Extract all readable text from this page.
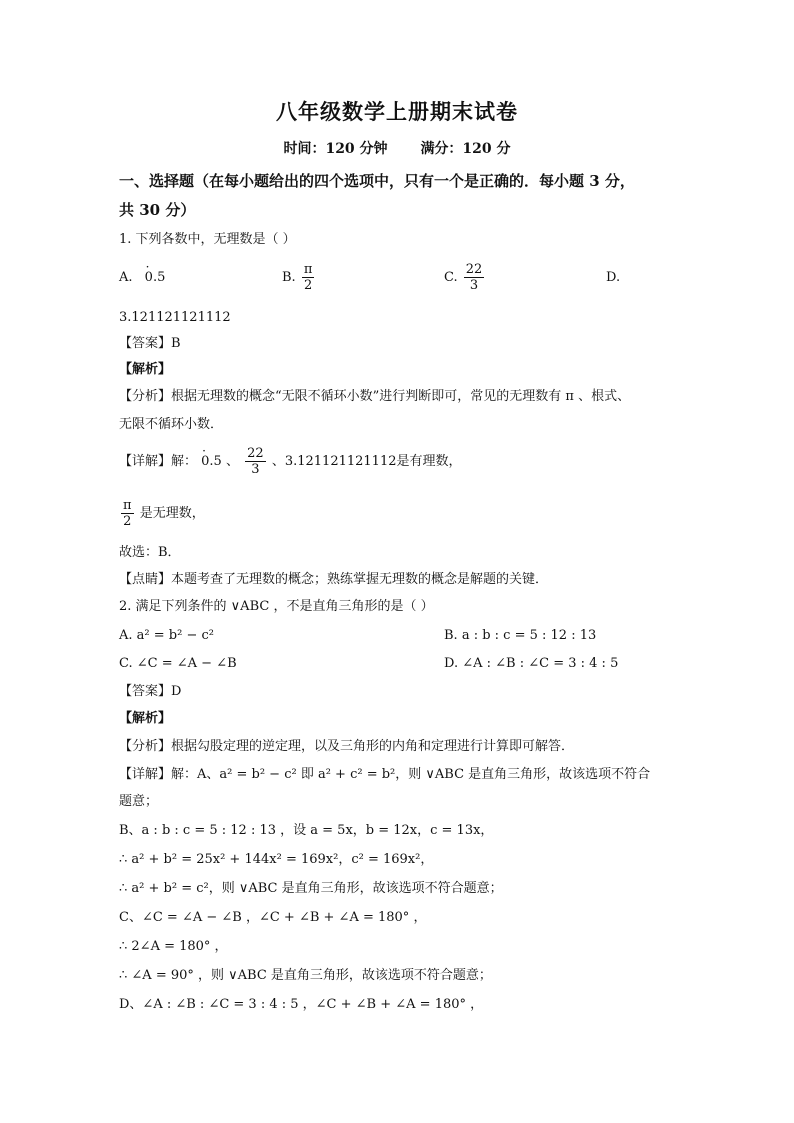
八年级数学上册期末试卷
时间：120 分钟 满分：120 分
一、选择题（在每小题给出的四个选项中，只有一个是正确的．每小题 3 分，
共 30 分）
1. 下列各数中，无理数是（ ）
A. 0.5 ·	B. $\frac{\pi}{2}$	C. $\frac{22}{3}$	D.
3.121121121112
【答案】B
【解析】
【分析】根据无理数的概念“无限不循环小数”进行判断即可，常见的无理数有 π 、根式、
无限不循环小数．
【详解】解： 0.5 · 、 $\frac{22}{3}$ 、3.121121121112是有理数，
$\frac{\pi}{2}$ 是无理数，
故选：B．
【点睛】本题考查了无理数的概念；熟练掌握无理数的概念是解题的关键．
2. 满足下列条件的 ∨ABC ，不是直角三角形的是（ ）
A. a² = b² − c²	B. a : b : c = 5 : 12 : 13
C. ∠C = ∠A − ∠B	D. ∠A : ∠B : ∠C = 3 : 4 : 5
【答案】D
【解析】
【分析】根据勾股定理的逆定理，以及三角形的内角和定理进行计算即可解答．
【详解】解：A、a² = b² − c² 即 a² + c² = b²，则 ∨ABC 是直角三角形，故该选项不符合
题意；
B、a : b : c = 5 : 12 : 13 ，设 a = 5x，b = 12x，c = 13x，
∴ a² + b² = 25x² + 144x² = 169x²，c² = 169x²，
∴ a² + b² = c²，则 ∨ABC 是直角三角形，故该选项不符合题意；
C、∠C = ∠A − ∠B ，∠C + ∠B + ∠A = 180° ，
∴ 2∠A = 180° ，
∴ ∠A = 90° ，则 ∨ABC 是直角三角形，故该选项不符合题意；
D、∠A : ∠B : ∠C = 3 : 4 : 5 ，∠C + ∠B + ∠A = 180° ，
